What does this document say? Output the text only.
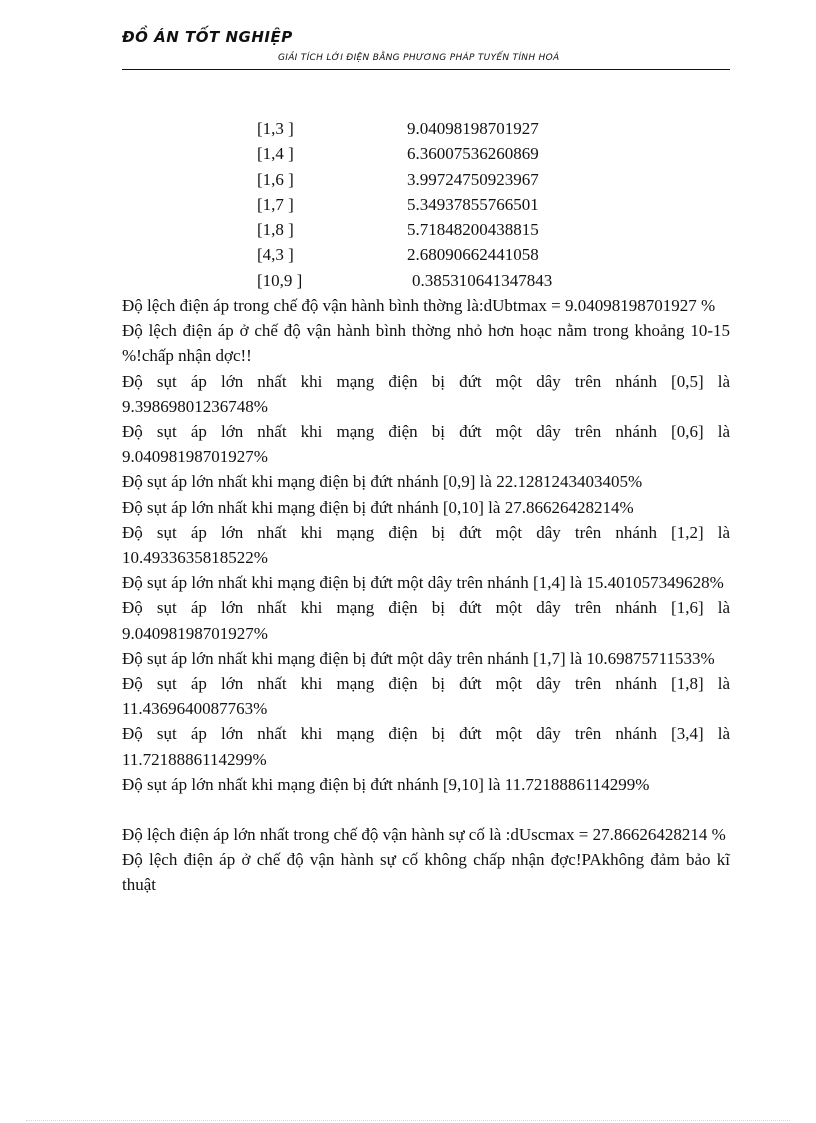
ĐỒ ÁN TỐT NGHIỆP
GIẢI TÍCH LỚI ĐIỆN BẰNG PHƯƠNG PHÁP TUYẾN TÍNH HOÁ
[1,3 ]	9.04098198701927
[1,4 ]	6.36007536260869
[1,6 ]	3.99724750923967
[1,7 ]	5.34937855766501
[1,8 ]	5.71848200438815
[4,3 ]	2.68090662441058
[10,9 ]	0.385310641347843

Độ lệch điện áp trong chế độ vận hành bình thờng là:dUbtmax = 9.04098198701927 %

Độ lệch điện áp ở chế độ vận hành bình thờng nhỏ hơn hoạc nằm trong khoảng 10-15 %!chấp nhận dợc!!

Độ sụt áp lớn nhất khi mạng điện bị đứt một dây trên nhánh [0,5] là 9.39869801236748%

Độ sụt áp lớn nhất khi mạng điện bị đứt một dây trên nhánh [0,6] là 9.04098198701927%

Độ sụt áp lớn nhất khi mạng điện bị đứt nhánh [0,9] là 22.1281243403405%

Độ sụt áp lớn nhất khi mạng điện bị đứt nhánh [0,10] là 27.86626428214%

Độ sụt áp lớn nhất khi mạng điện bị đứt một dây trên nhánh [1,2] là 10.4933635818522%

Độ sụt áp lớn nhất khi mạng điện bị đứt một dây trên nhánh [1,4] là 15.401057349628%

Độ sụt áp lớn nhất khi mạng điện bị đứt một dây trên nhánh [1,6] là 9.04098198701927%

Độ sụt áp lớn nhất khi mạng điện bị đứt một dây trên nhánh [1,7] là 10.69875711533%

Độ sụt áp lớn nhất khi mạng điện bị đứt một dây trên nhánh [1,8] là 11.4369640087763%

Độ sụt áp lớn nhất khi mạng điện bị đứt một dây trên nhánh [3,4] là 11.7218886114299%

Độ sụt áp lớn nhất khi mạng điện bị đứt nhánh [9,10] là 11.7218886114299%

Độ lệch điện áp lớn nhất trong chế độ vận hành sự cố là :dUscmax = 27.86626428214 %

Độ lệch điện áp ở chế độ vận hành sự cố không chấp nhận đợc!PAkhông đảm bảo kĩ thuật
